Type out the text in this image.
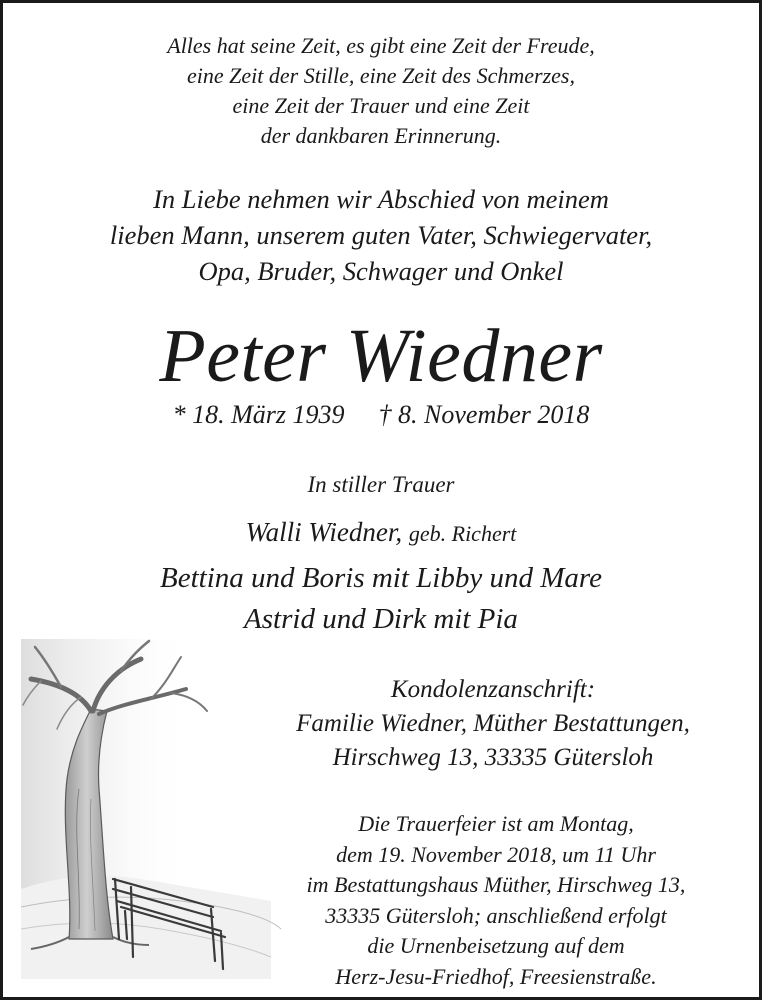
Alles hat seine Zeit, es gibt eine Zeit der Freude,
eine Zeit der Stille, eine Zeit des Schmerzes,
eine Zeit der Trauer und eine Zeit
der dankbaren Erinnerung.
In Liebe nehmen wir Abschied von meinem
lieben Mann, unserem guten Vater, Schwiegervater,
Opa, Bruder, Schwager und Onkel
Peter Wiedner
* 18. März 1939 † 8. November 2018
In stiller Trauer
Walli Wiedner, geb. Richert
Bettina und Boris mit Libby und Mare
Astrid und Dirk mit Pia
Kondolenzanschrift:
Familie Wiedner, Müther Bestattungen,
Hirschweg 13, 33335 Gütersloh
Die Trauerfeier ist am Montag,
dem 19. November 2018, um 11 Uhr
im Bestattungshaus Müther, Hirschweg 13,
33335 Gütersloh; anschließend erfolgt
die Urnenbeisetzung auf dem
Herz-Jesu-Friedhof, Freesienstraße.
